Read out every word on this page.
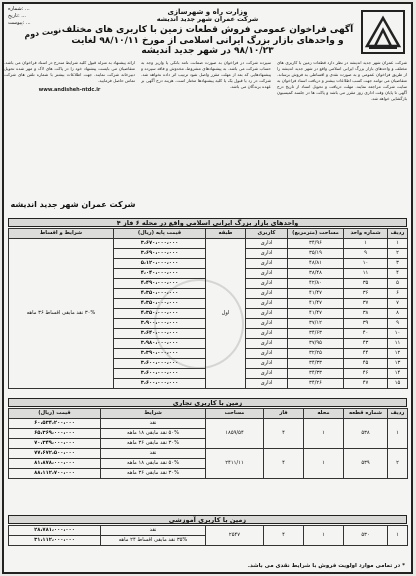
شماره: ...
تاریخ: ...
پیوست: ...
وزارت راه و شهرسازی
شرکت عمران شهر جدید اندیشه
آگهی فراخوان عمومی فروش قطعات زمین با کاربری های مختلف
و واحدهای بازار بزرگ ایرانی اسلامی از مورخ ۹۸/۱۰/۱۱ لغایت ۹۸/۱۰/۲۳ در شهر جدید اندیشه
نوبت دوم
شرکت عمران شهر جدید اندیشه در نظر دارد قطعات زمین با کاربری های مختلف و واحدهای بازار بزرگ ایرانی اسلامی واقع در شهر جدید اندیشه را از طریق فراخوان عمومی و به صورت نقدی و اقساطی به فروش برساند. متقاضیان می توانند جهت کسب اطلاعات بیشتر و دریافت اسناد فراخوان به سایت شرکت مراجعه نمایند. مهلت دریافت و تحویل اسناد از تاریخ درج آگهی تا پایان وقت اداری روز مقرر می باشد و پاکت ها در جلسه کمیسیون بازگشایی خواهد شد.
سپرده شرکت در فراخوان به صورت ضمانت نامه بانکی یا واریز وجه به حساب شرکت می باشد. به پیشنهادهای مشروط، مخدوش و فاقد سپرده و پیشنهادهایی که بعد از مهلت مقرر واصل شود ترتیب اثر داده نخواهد شد. شرکت در رد یا قبول یک یا کلیه پیشنهادها مختار است. هزینه درج آگهی بر عهده برندگان می باشد.
ارائه پیشنهاد به منزله قبول کلیه شرایط مندرج در اسناد فراخوان می باشد. متقاضیان می بایست پیشنهاد خود را در پاکت های لاک و مهر شده تحویل دبیرخانه شرکت نمایند. جهت اطلاعات بیشتر با شماره تلفن های شرکت تماس حاصل فرمایید.
www.andisheh-ntdc.ir
شرکت عمران شهر جدید اندیشه
واحدهای بازار بزرگ ایرانی اسلامی واقع در محله ۶ فاز ۴
ردیف	شماره واحد	مساحت (مترمربع)	کاربری	طبقه	قیمت پایه (ریال)	شرایط و اقساط
۱	۱	۳۴/۹۶	اداری	اول	۳،۶۷۰،۰۰۰،۰۰۰	۳۰% نقد مابقی اقساط ۳۶ ماهه
۲	۹	۳۵/۱۹	اداری		۳،۶۹۰،۰۰۰،۰۰۰	
۳	۱۰	۴۸/۸۱	اداری		۵،۱۲۰،۰۰۰،۰۰۰	
۴	۱۱	۳۸/۴۸	اداری		۴،۰۴۰،۰۰۰،۰۰۰	
۵	۳۵	۴۲/۸۰	اداری		۴،۴۹۰،۰۰۰،۰۰۰	
۶	۳۶	۴۱/۴۷	اداری		۴،۳۵۰،۰۰۰،۰۰۰	
۷	۳۷	۴۱/۴۷	اداری		۴،۳۵۰،۰۰۰،۰۰۰	
۸	۳۸	۴۱/۴۷	اداری		۴،۳۵۰،۰۰۰،۰۰۰	
۹	۳۹	۳۷/۱۲	اداری		۳،۹۰۰،۰۰۰،۰۰۰	
۱۰	۴۰	۳۴/۶۳	اداری		۳،۶۴۰،۰۰۰،۰۰۰	
۱۱	۴۳	۳۷/۹۵	اداری		۳،۹۸۰،۰۰۰،۰۰۰	
۱۲	۴۴	۳۲/۲۵	اداری		۳،۳۹۰،۰۰۰،۰۰۰	
۱۳	۴۵	۳۴/۳۳	اداری		۳،۶۰۰،۰۰۰،۰۰۰	
۱۴	۴۶	۳۴/۳۳	اداری		۳،۶۰۰،۰۰۰،۰۰۰	
۱۵	۴۷	۳۴/۲۶	اداری		۳،۶۰۰،۰۰۰،۰۰۰	
زمین با کاربری تجاری
ردیف	شماره قطعه	محله	فاز	مساحت	شرایط	قیمت (ریال)
۱	۵۳۸	۱	۴	۱۸۵۹/۵۴	نقد	۶۰،۵۳۴،۲۰۰،۰۰۰
					۵۰% نقد مابقی ۱۸ ماهه	۶۵،۳۶۹،۰۰۰،۰۰۰
					۳۰% نقد مابقی ۳۶ ماهه	۷۰،۳۴۹،۰۰۰،۰۰۰
۲	۵۳۹	۱	۴	۲۴۱۱/۱۱	نقد	۷۷،۶۷۲،۵۰۰،۰۰۰
					۵۰% نقد مابقی ۱۸ ماهه	۸۱،۸۷۸،۰۰۰،۰۰۰
					۳۰% نقد مابقی ۳۶ ماهه	۸۸،۱۱۲،۷۰۰،۰۰۰
زمین با کاربری آموزشی
۱	۵۳۰	۱	۴	۲۵۴۷	نقد	۲۸،۷۸۱،۰۰۰،۰۰۰
					۳۵% نقد مابقی اقساط ۲۴ ماهه	۳۱،۱۱۲،۰۰۰،۰۰۰
* در تمامی موارد اولویت فروش با شرایط نقدی می باشد.
